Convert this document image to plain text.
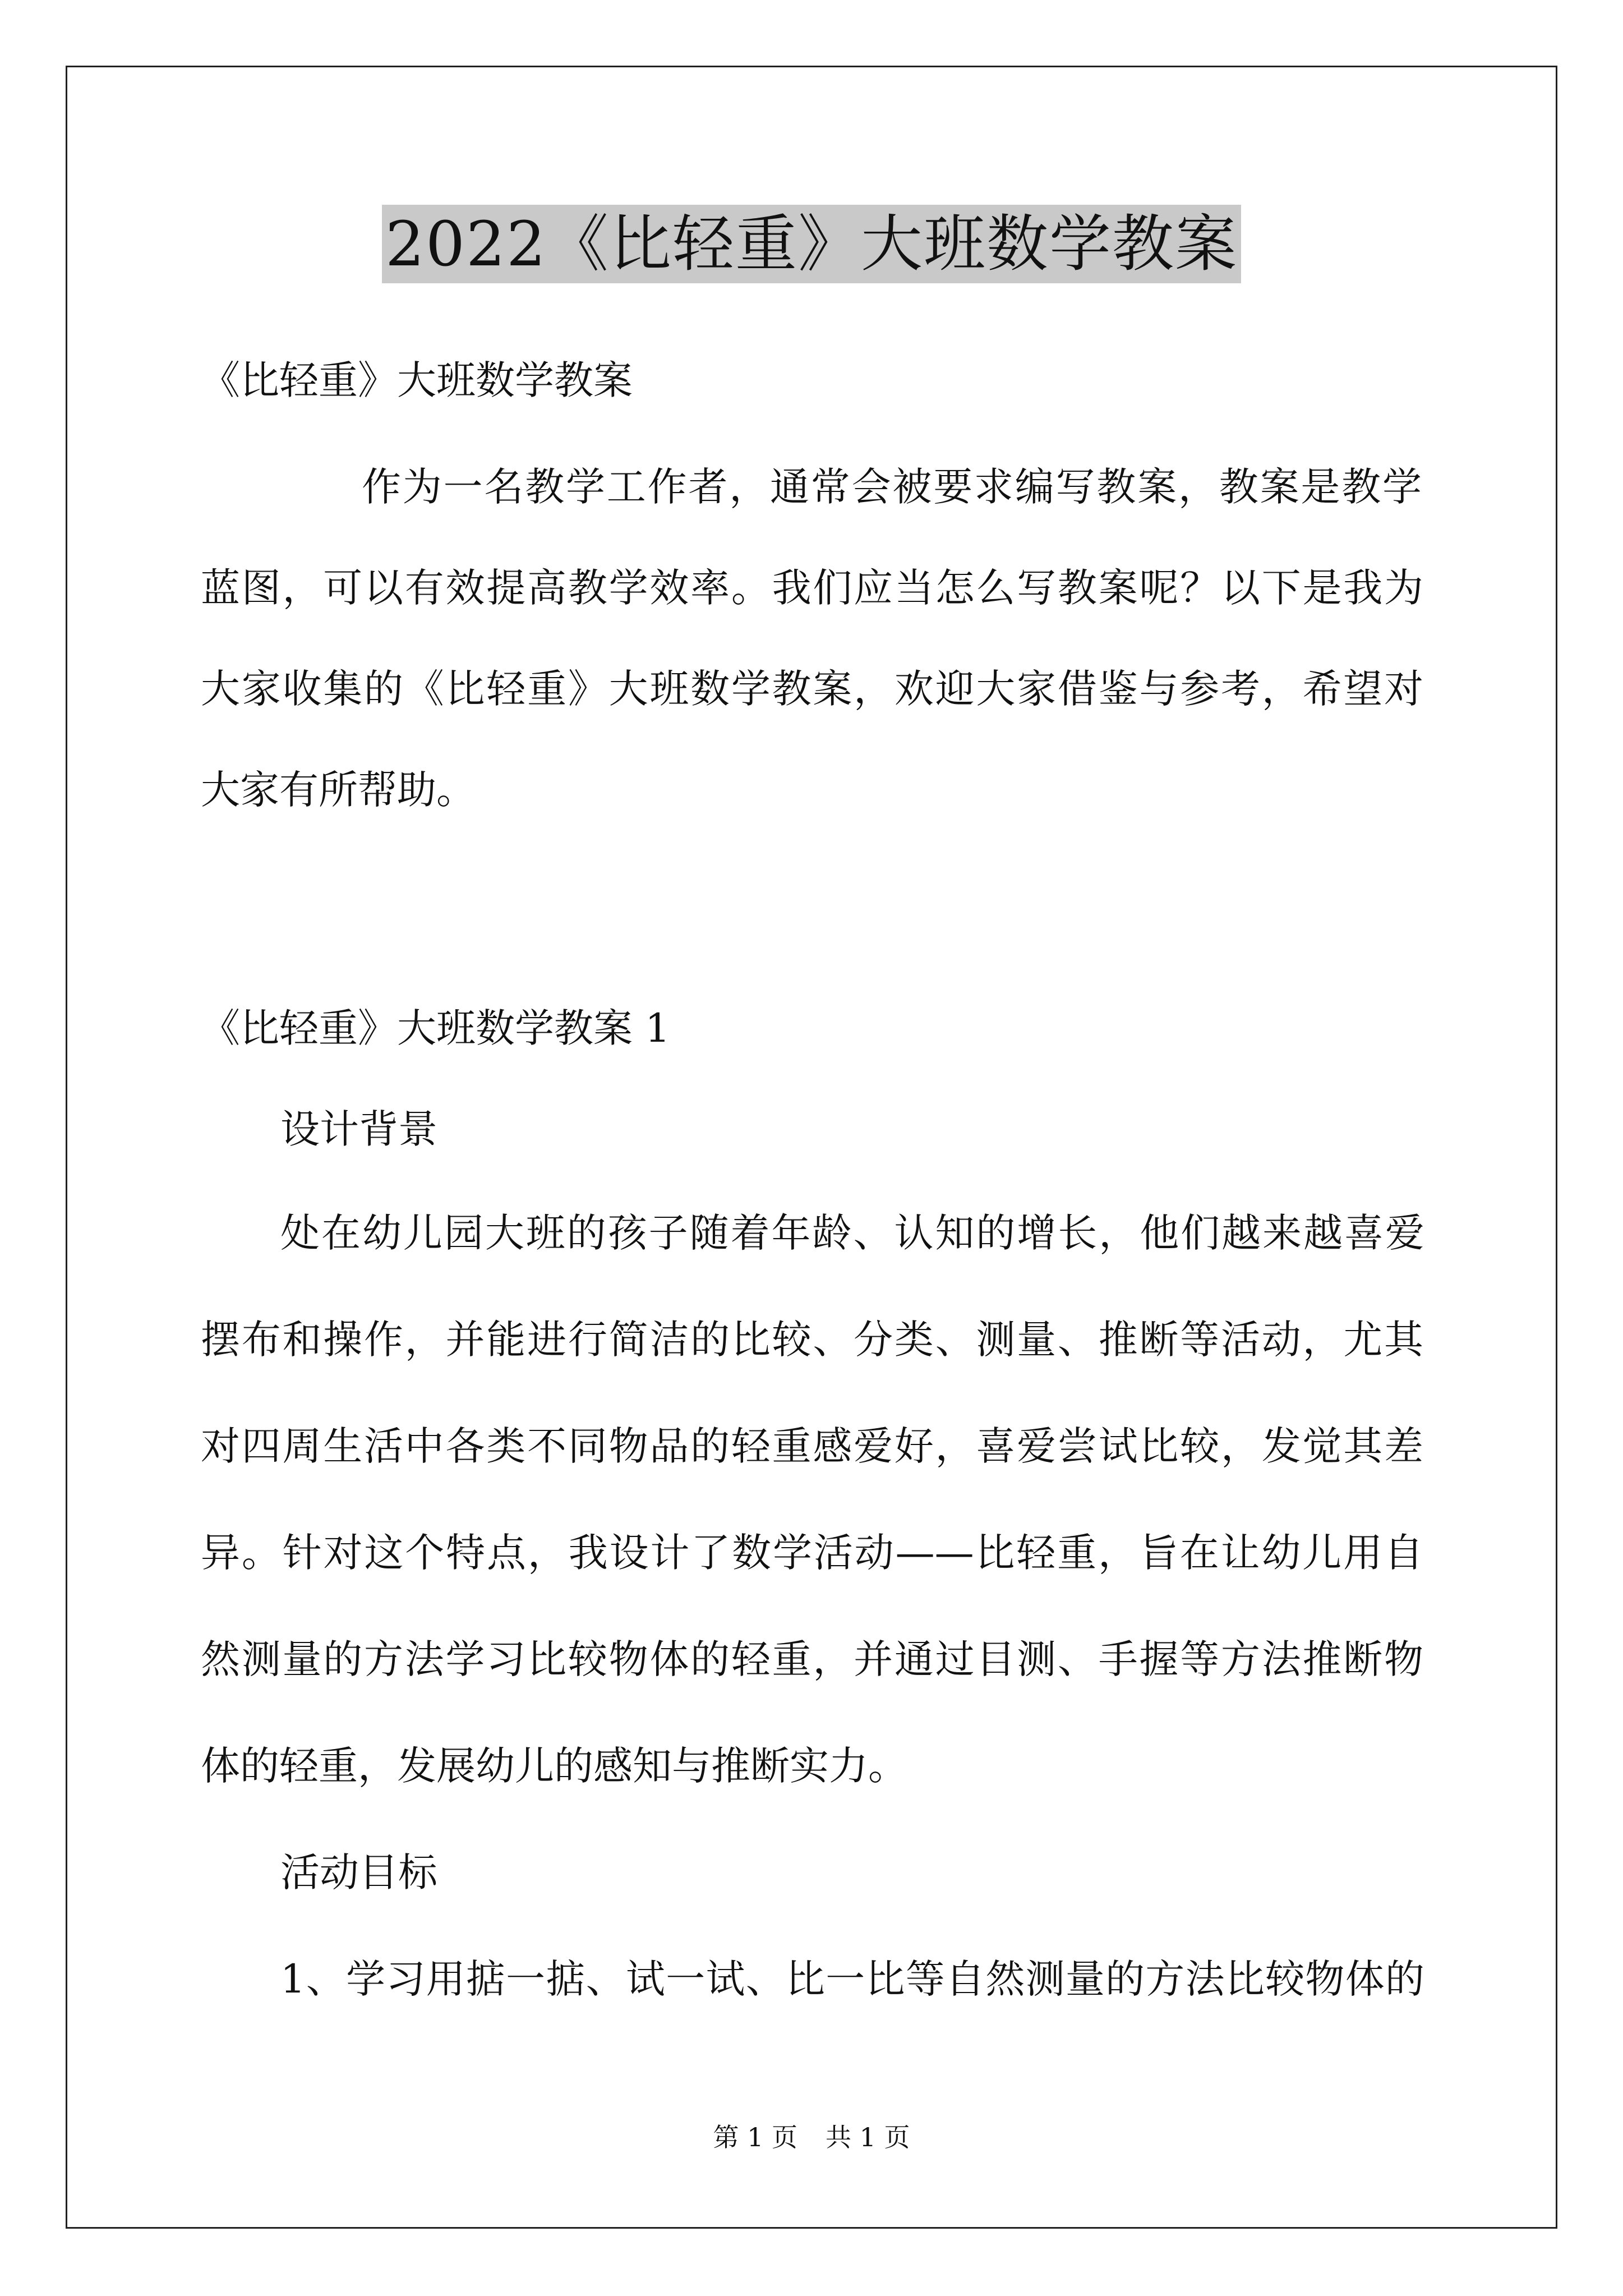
2022《比轻重》大班数学教案

《比轻重》大班数学教案

作为一名教学工作者，通常会被要求编写教案，教案是教学

蓝图，可以有效提高教学效率。我们应当怎么写教案呢？以下是我为

大家收集的《比轻重》大班数学教案，欢迎大家借鉴与参考，希望对

大家有所帮助。

《比轻重》大班数学教案 1

设计背景

处在幼儿园大班的孩子随着年龄、认知的增长，他们越来越喜爱

摆布和操作，并能进行简洁的比较、分类、测量、推断等活动，尤其

对四周生活中各类不同物品的轻重感爱好，喜爱尝试比较，发觉其差

异。针对这个特点，我设计了数学活动——比轻重，旨在让幼儿用自

然测量的方法学习比较物体的轻重，并通过目测、手握等方法推断物

体的轻重，发展幼儿的感知与推断实力。

活动目标

1、学习用掂一掂、试一试、比一比等自然测量的方法比较物体的

第 1 页 共 1 页
